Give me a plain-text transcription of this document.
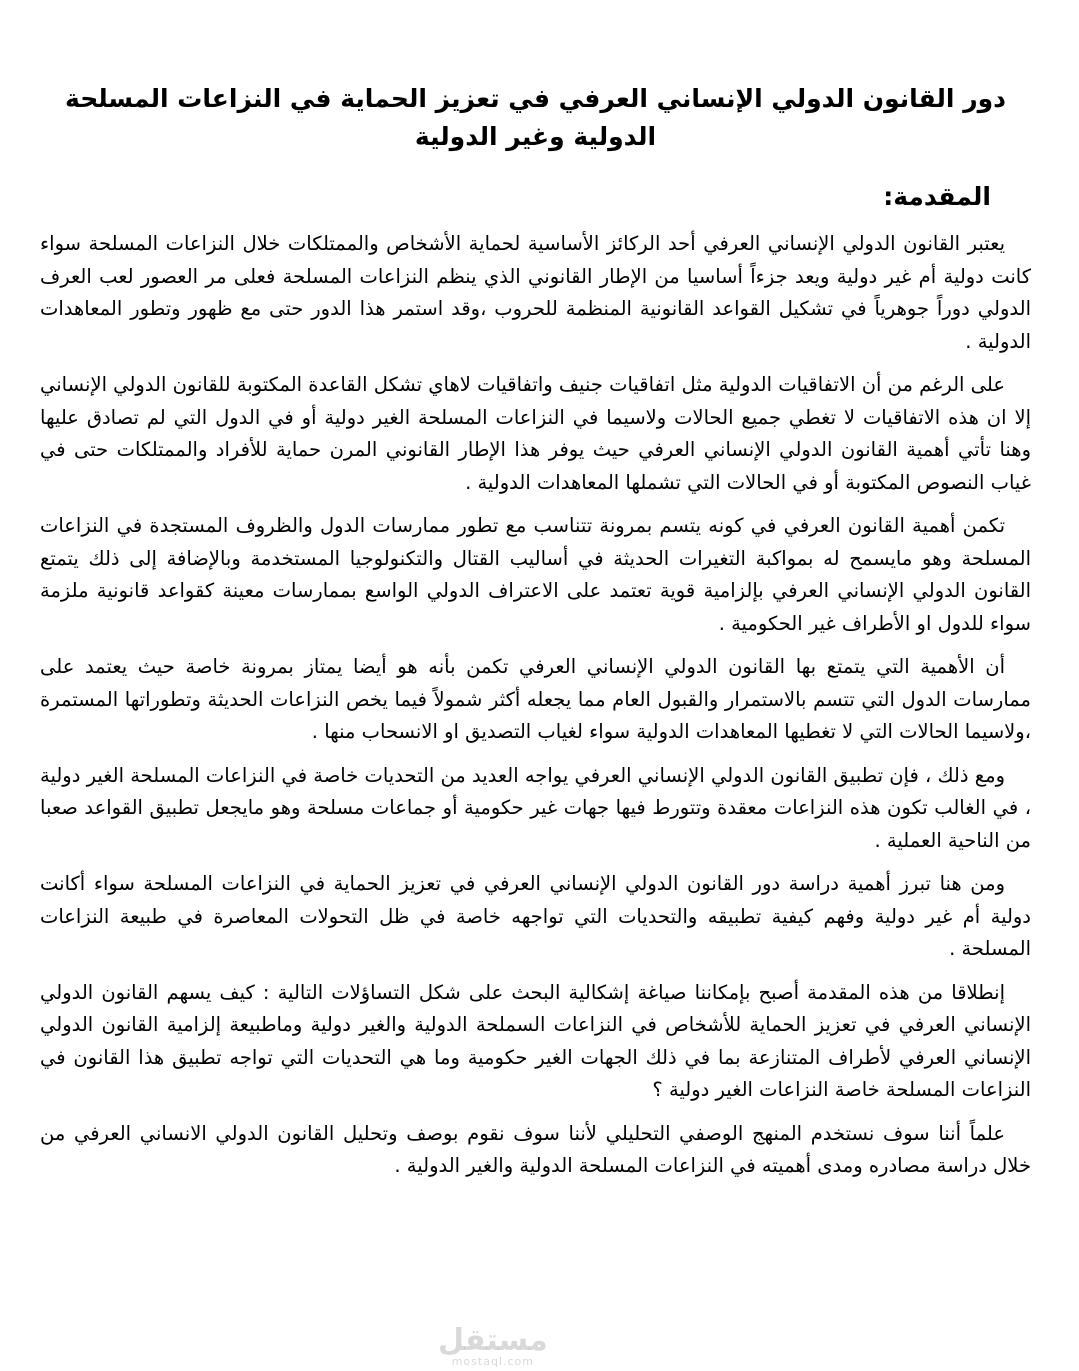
دور القانون الدولي الإنساني العرفي في تعزيز الحماية في النزاعات المسلحة الدولية وغير الدولية
المقدمة:

يعتبر القانون الدولي الإنساني العرفي أحد الركائز الأساسية لحماية الأشخاص والممتلكات خلال النزاعات المسلحة سواء كانت دولية أم غير دولية ويعد جزءاً أساسيا من الإطار القانوني الذي ينظم النزاعات المسلحة فعلى مر العصور لعب العرف الدولي دوراً جوهرياً في تشكيل القواعد القانونية المنظمة للحروب ،وقد استمر هذا الدور حتى مع ظهور وتطور المعاهدات الدولية .

على الرغم من أن الاتفاقيات الدولية مثل اتفاقيات جنيف واتفاقيات لاهاي تشكل القاعدة المكتوبة للقانون الدولي الإنساني إلا ان هذه الاتفاقيات لا تغطي جميع الحالات ولاسيما في النزاعات المسلحة الغير دولية أو في الدول التي لم تصادق عليها وهنا تأتي أهمية القانون الدولي الإنساني العرفي حيث يوفر هذا الإطار القانوني المرن حماية للأفراد والممتلكات حتى في غياب النصوص المكتوبة أو في الحالات التي تشملها المعاهدات الدولية .

تكمن أهمية القانون العرفي في كونه يتسم بمرونة تتناسب مع تطور ممارسات الدول والظروف المستجدة في النزاعات المسلحة وهو مايسمح له بمواكبة التغيرات الحديثة في أساليب القتال والتكنولوجيا المستخدمة وبالإضافة إلى ذلك يتمتع القانون الدولي الإنساني العرفي بإلزامية قوية تعتمد على الاعتراف الدولي الواسع بممارسات معينة كقواعد قانونية ملزمة سواء للدول او الأطراف غير الحكومية .

أن الأهمية التي يتمتع بها القانون الدولي الإنساني العرفي تكمن بأنه هو أيضا يمتاز بمرونة خاصة حيث يعتمد على ممارسات الدول التي تتسم بالاستمرار والقبول العام مما يجعله أكثر شمولاً فيما يخص النزاعات الحديثة وتطوراتها المستمرة ،ولاسيما الحالات التي لا تغطيها المعاهدات الدولية سواء لغياب التصديق او الانسحاب منها .

ومع ذلك ، فإن تطبيق القانون الدولي الإنساني العرفي يواجه العديد من التحديات خاصة في النزاعات المسلحة الغير دولية ، في الغالب تكون هذه النزاعات معقدة وتتورط فيها جهات غير حكومية أو جماعات مسلحة وهو مايجعل تطبيق القواعد صعبا من الناحية العملية .

ومن هنا تبرز أهمية دراسة دور القانون الدولي الإنساني العرفي في تعزيز الحماية في النزاعات المسلحة سواء أكانت دولية أم غير دولية وفهم كيفية تطبيقه والتحديات التي تواجهه خاصة في ظل التحولات المعاصرة في طبيعة النزاعات المسلحة .

إنطلاقا من هذه المقدمة أصبح بإمكاننا صياغة إشكالية البحث على شكل التساؤلات التالية : كيف يسهم القانون الدولي الإنساني العرفي في تعزيز الحماية للأشخاص في النزاعات السملحة الدولية والغير دولية وماطبيعة إلزامية القانون الدولي الإنساني العرفي لأطراف المتنازعة بما في ذلك الجهات الغير حكومية وما هي التحديات التي تواجه تطبيق هذا القانون في النزاعات المسلحة خاصة النزاعات الغير دولية ؟

علماً أننا سوف نستخدم المنهج الوصفي التحليلي لأننا سوف نقوم بوصف وتحليل القانون الدولي الانساني العرفي من خلال دراسة مصادره ومدى أهميته في النزاعات المسلحة الدولية والغير الدولية .

مستقل
mostaql.com
